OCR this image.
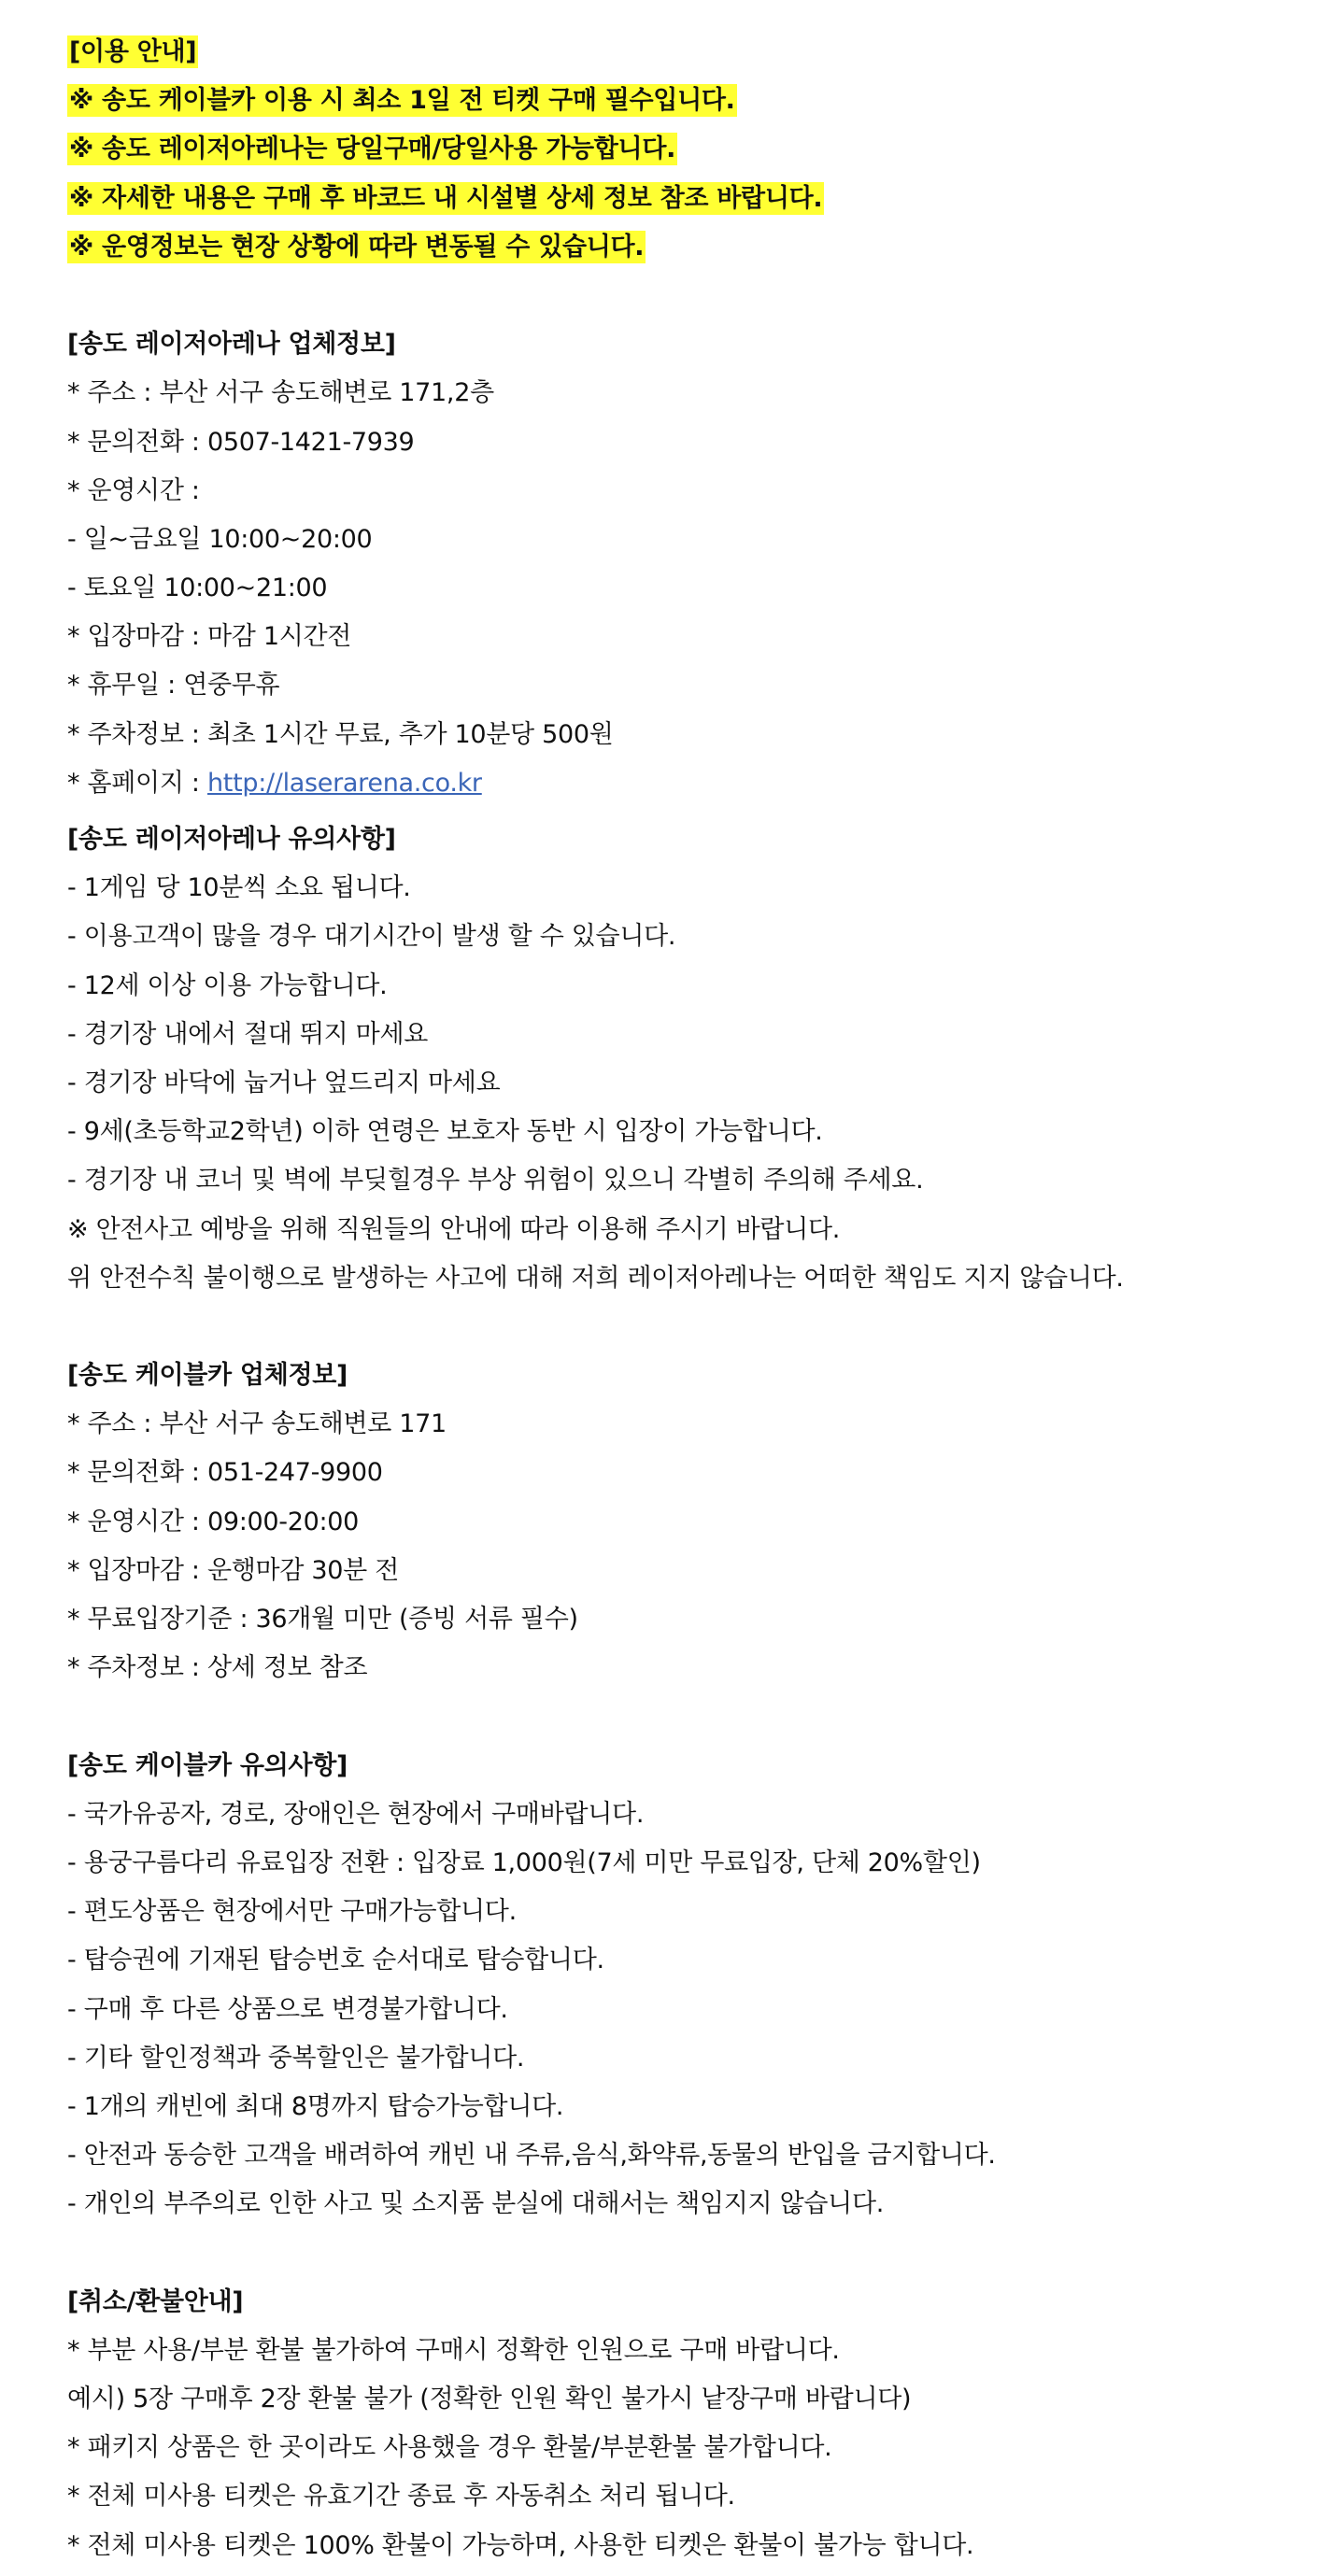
[이용 안내]
※ 송도 케이블카 이용 시 최소 1일 전 티켓 구매 필수입니다.
※ 송도 레이저아레나는 당일구매/당일사용 가능합니다.
※ 자세한 내용은 구매 후 바코드 내 시설별 상세 정보 참조 바랍니다.
※ 운영정보는 현장 상황에 따라 변동될 수 있습니다.
[송도 레이저아레나 업체정보]
* 주소 : 부산 서구 송도해변로 171,2층
* 문의전화 : 0507-1421-7939
* 운영시간 :
- 일~금요일 10:00~20:00
- 토요일 10:00~21:00
* 입장마감 : 마감 1시간전
* 휴무일 : 연중무휴
* 주차정보 : 최초 1시간 무료, 추가 10분당 500원
* 홈페이지 : http://laserarena.co.kr
[송도 레이저아레나 유의사항]
- 1게임 당 10분씩 소요 됩니다.
- 이용고객이 많을 경우 대기시간이 발생 할 수 있습니다.
- 12세 이상 이용 가능합니다.
- 경기장 내에서 절대 뛰지 마세요
- 경기장 바닥에 눕거나 엎드리지 마세요
- 9세(초등학교2학년) 이하 연령은 보호자 동반 시 입장이 가능합니다.
- 경기장 내 코너 및 벽에 부딪힐경우 부상 위험이 있으니 각별히 주의해 주세요.
※ 안전사고 예방을 위해 직원들의 안내에 따라 이용해 주시기 바랍니다.
위 안전수칙 불이행으로 발생하는 사고에 대해 저희 레이저아레나는 어떠한 책임도 지지 않습니다.
[송도 케이블카 업체정보]
* 주소 : 부산 서구 송도해변로 171
* 문의전화 : 051-247-9900
* 운영시간 : 09:00-20:00
* 입장마감 : 운행마감 30분 전
* 무료입장기준 : 36개월 미만 (증빙 서류 필수)
* 주차정보 : 상세 정보 참조
[송도 케이블카 유의사항]
- 국가유공자, 경로, 장애인은 현장에서 구매바랍니다.
- 용궁구름다리 유료입장 전환 : 입장료 1,000원(7세 미만 무료입장, 단체 20%할인)
- 편도상품은 현장에서만 구매가능합니다.
- 탑승권에 기재된 탑승번호 순서대로 탑승합니다.
- 구매 후 다른 상품으로 변경불가합니다.
- 기타 할인정책과 중복할인은 불가합니다.
- 1개의 캐빈에 최대 8명까지 탑승가능합니다.
- 안전과 동승한 고객을 배려하여 캐빈 내 주류,음식,화약류,동물의 반입을 금지합니다.
- 개인의 부주의로 인한 사고 및 소지품 분실에 대해서는 책임지지 않습니다.
[취소/환불안내]
* 부분 사용/부분 환불 불가하여 구매시 정확한 인원으로 구매 바랍니다.
예시) 5장 구매후 2장 환불 불가 (정확한 인원 확인 불가시 낱장구매 바랍니다)
* 패키지 상품은 한 곳이라도 사용했을 경우 환불/부분환불 불가합니다.
* 전체 미사용 티켓은 유효기간 종료 후 자동취소 처리 됩니다.
* 전체 미사용 티켓은 100% 환불이 가능하며, 사용한 티켓은 환불이 불가능 합니다.
